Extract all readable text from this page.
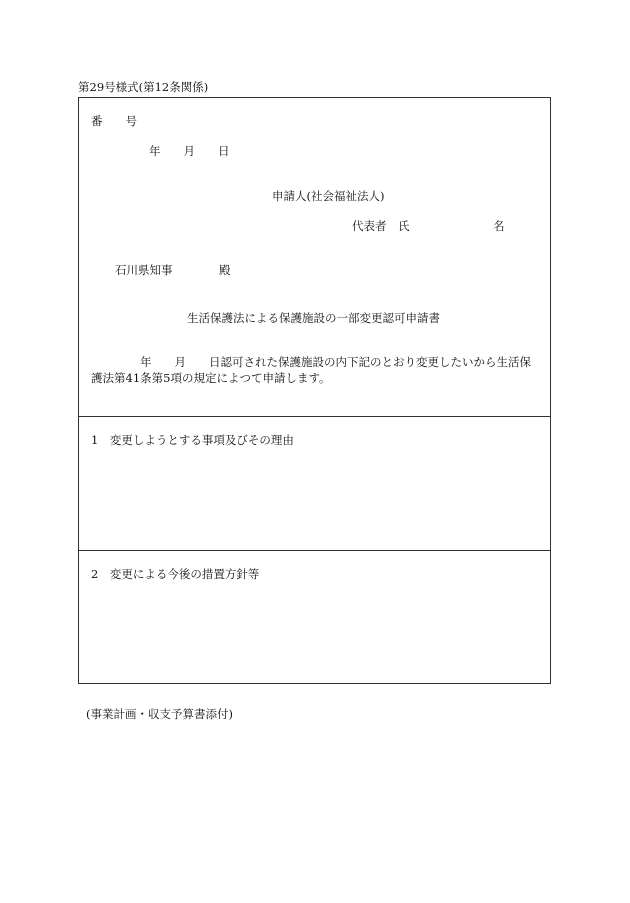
第29号様式(第12条関係)
番　　号
年　　月　　日
申請人(社会福祉法人)
代表者　氏	名
石川県知事	殿
生活保護法による保護施設の一部変更認可申請書
年　　月　　日認可された保護施設の内下記のとおり変更したいから生活保
護法第41条第5項の規定によつて申請します。
1　変更しようとする事項及びその理由
2　変更による今後の措置方針等
(事業計画・収支予算書添付)
